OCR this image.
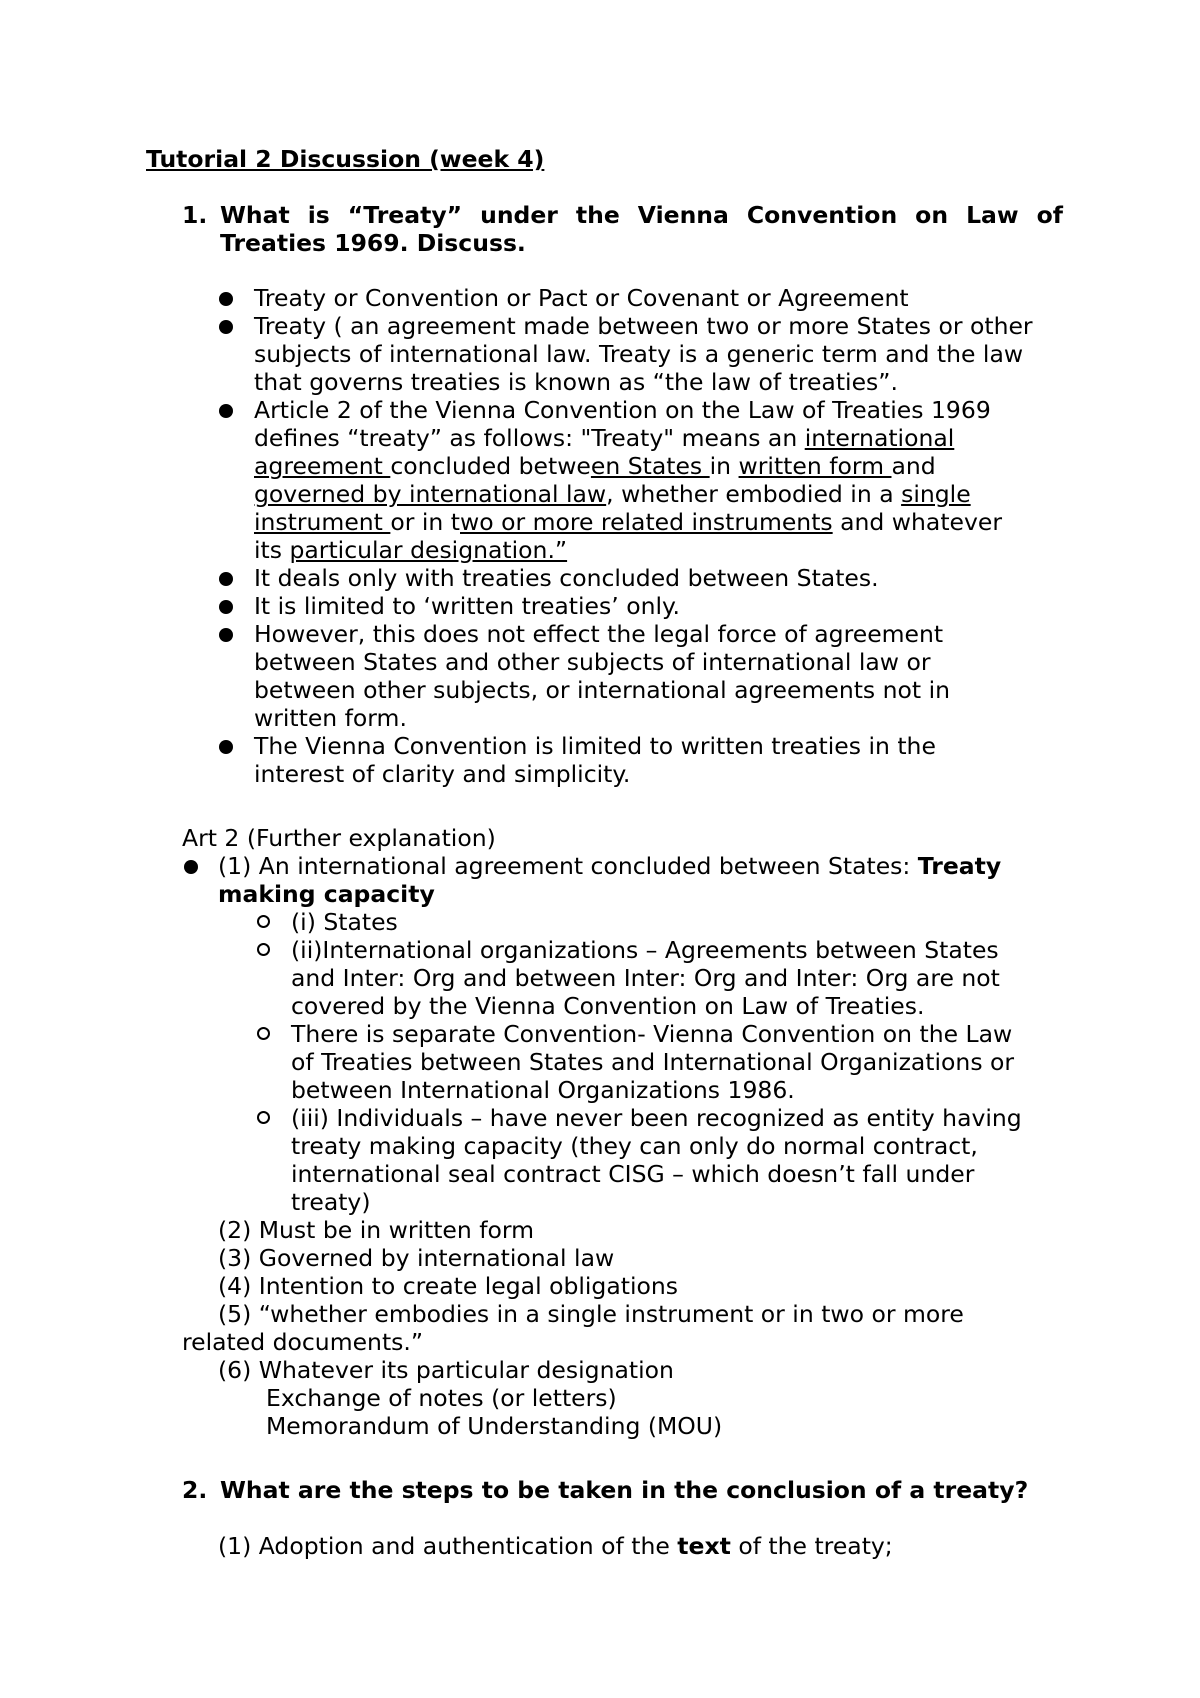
Tutorial 2 Discussion (week 4)
1. What is “Treaty” under the Vienna Convention on Law of
Treaties 1969. Discuss.
Treaty or Convention or Pact or Covenant or Agreement
Treaty ( an agreement made between two or more States or other
subjects of international law. Treaty is a generic term and the law
that governs treaties is known as “the law of treaties”.
Article 2 of the Vienna Convention on the Law of Treaties 1969
defines “treaty” as follows: "Treaty" means an international
agreement concluded between States in written form and
governed by international law, whether embodied in a single
instrument or in two or more related instruments and whatever
its particular designation.”
It deals only with treaties concluded between States.
It is limited to ‘written treaties’ only.
However, this does not effect the legal force of agreement
between States and other subjects of international law or
between other subjects, or international agreements not in
written form.
The Vienna Convention is limited to written treaties in the
interest of clarity and simplicity.
Art 2 (Further explanation)
(1) An international agreement concluded between States: Treaty
making capacity
(i) States
(ii)International organizations – Agreements between States
and Inter: Org and between Inter: Org and Inter: Org are not
covered by the Vienna Convention on Law of Treaties.
There is separate Convention- Vienna Convention on the Law
of Treaties between States and International Organizations or
between International Organizations 1986.
(iii) Individuals – have never been recognized as entity having
treaty making capacity (they can only do normal contract,
international seal contract CISG – which doesn’t fall under
treaty)
(2) Must be in written form
(3) Governed by international law
(4) Intention to create legal obligations
(5) “whether embodies in a single instrument or in two or more
related documents.”
(6) Whatever its particular designation
Exchange of notes (or letters)
Memorandum of Understanding (MOU)
2. What are the steps to be taken in the conclusion of a treaty?
(1) Adoption and authentication of the text of the treaty;
